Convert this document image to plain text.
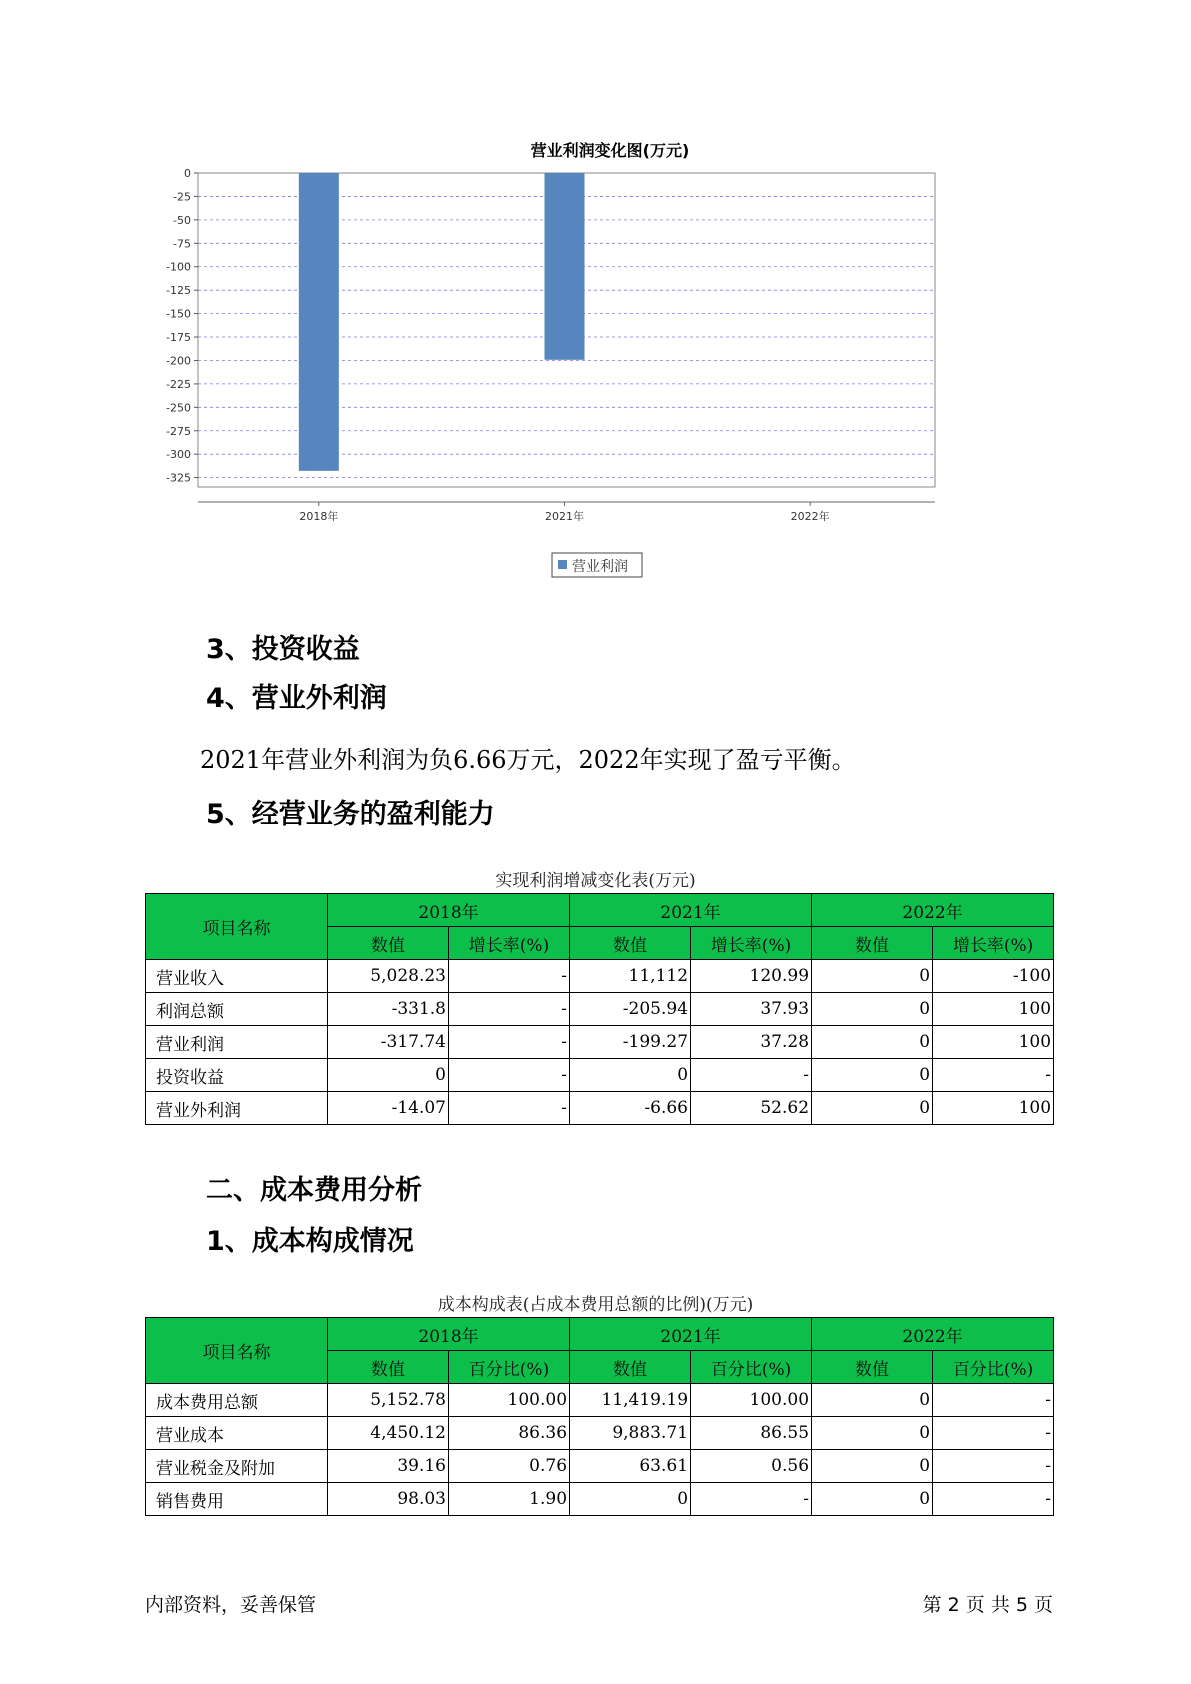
营业利润变化图(万元)
0
-25
-50
-75
-100
-125
-150
-175
-200
-225
-250
-275
-300
-325
2018年	2021年	2022年
营业利润

3、投资收益

4、营业外利润

2021年营业外利润为负6.66万元，2022年实现了盈亏平衡。

5、经营业务的盈利能力

实现利润增减变化表(万元)
项目名称	2018年		2021年		2022年	
	数值	增长率(%)	数值	增长率(%)	数值	增长率(%)
营业收入	5,028.23	-	11,112	120.99	0	-100
利润总额	-331.8	-	-205.94	37.93	0	100
营业利润	-317.74	-	-199.27	37.28	0	100
投资收益	0	-	0	-	0	-
营业外利润	-14.07	-	-6.66	52.62	0	100

二、成本费用分析

1、成本构成情况

成本构成表(占成本费用总额的比例)(万元)
项目名称	2018年		2021年		2022年	
	数值	百分比(%)	数值	百分比(%)	数值	百分比(%)
成本费用总额	5,152.78	100.00	11,419.19	100.00	0	-
营业成本	4,450.12	86.36	9,883.71	86.55	0	-
营业税金及附加	39.16	0.76	63.61	0.56	0	-
销售费用	98.03	1.90	0	-	0	-
内部资料，妥善保管	第 2 页 共 5 页
